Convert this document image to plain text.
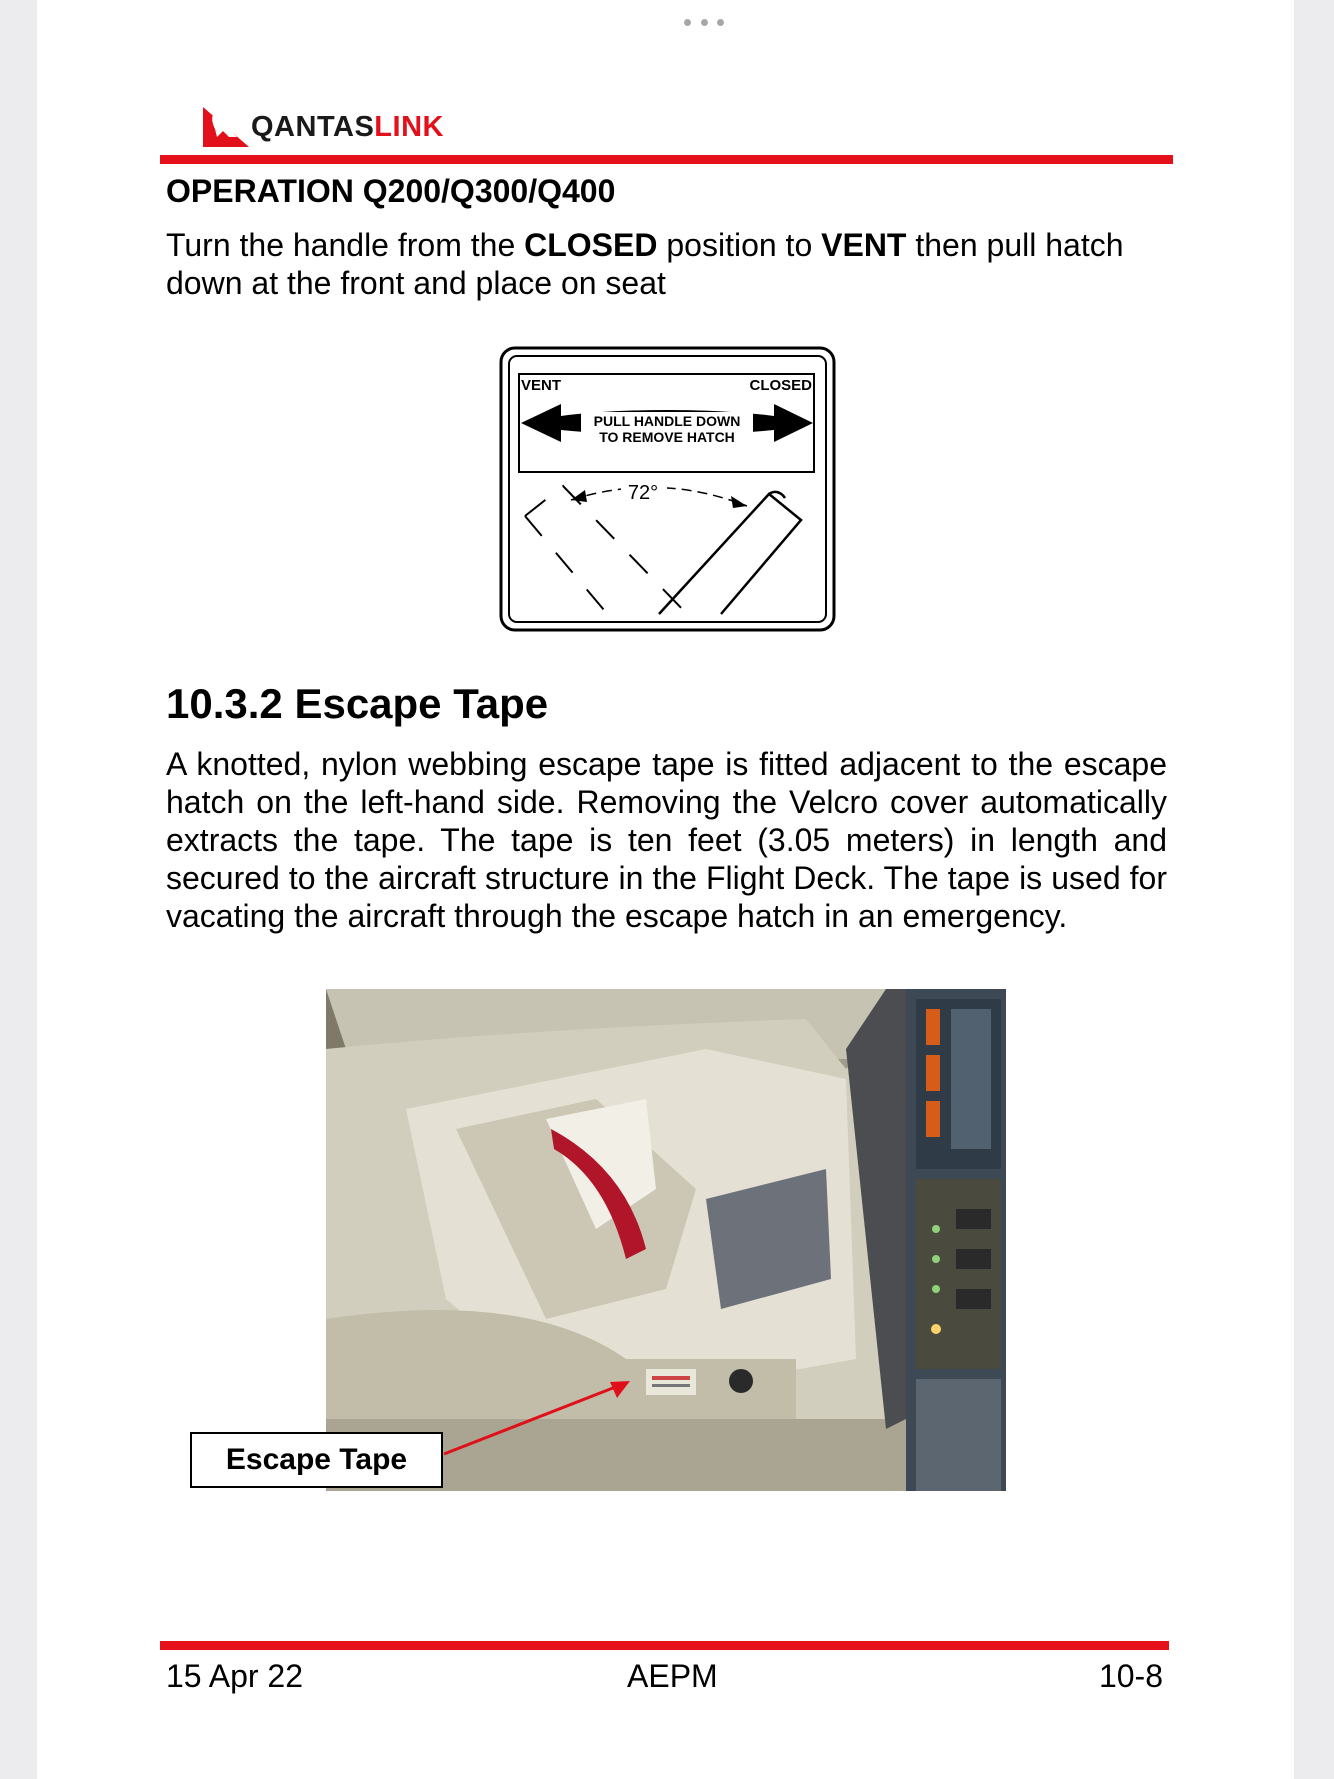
QANTASLINK
OPERATION Q200/Q300/Q400

Turn the handle from the CLOSED position to VENT then pull hatch down at the front and place on seat

VENT	CLOSED
PULL HANDLE DOWN
TO REMOVE HATCH
72°
10.3.2 Escape Tape

A knotted, nylon webbing escape tape is fitted adjacent to the escape hatch on the left-hand side. Removing the Velcro cover automatically extracts the tape. The tape is ten feet (3.05 meters) in length and secured to the aircraft structure in the Flight Deck. The tape is used for vacating the aircraft through the escape hatch in an emergency.

Escape Tape

15 Apr 22	AEPM	10-8
